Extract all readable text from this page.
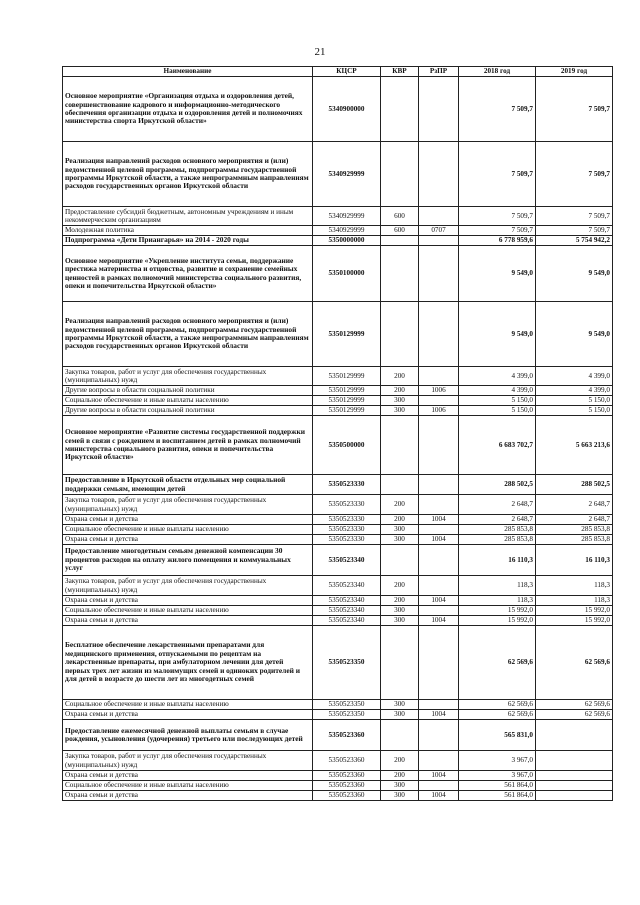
21
Наименование	КЦСР	КВР	РзПР	2018 год	2019 год
Основное мероприятие «Организация отдыха и оздоровления детей, совершенствование кадрового и информационно-методического обеспечения организации отдыха и оздоровления детей и полномочиях министерства спорта Иркутской области»	5340900000			7 509,7	7 509,7
Реализация направлений расходов основного мероприятия и (или) ведомственной целевой программы, подпрограммы государственной программы Иркутской области, а также непрограммным направлениям расходов государственных органов Иркутской области	5340929999			7 509,7	7 509,7
Предоставление субсидий бюджетным, автономным учреждениям и иным некоммерческим организациям	5340929999	600		7 509,7	7 509,7
Молодежная политика	5340929999	600	0707	7 509,7	7 509,7
Подпрограмма «Дети Приангарья» на 2014 - 2020 годы	5350000000			6 778 959,6	5 754 942,2
Основное мероприятие «Укрепление института семьи, поддержание престижа материнства и отцовства, развитие и сохранение семейных ценностей в рамках полномочий министерства социального развития, опеки и попечительства Иркутской области»	5350100000			9 549,0	9 549,0
Реализация направлений расходов основного мероприятия и (или) ведомственной целевой программы, подпрограммы государственной программы Иркутской области, а также непрограммным направлениям расходов государственных органов Иркутской области	5350129999			9 549,0	9 549,0
Закупка товаров, работ и услуг для обеспечения государственных (муниципальных) нужд	5350129999	200		4 399,0	4 399,0
Другие вопросы в области социальной политики	5350129999	200	1006	4 399,0	4 399,0
Социальное обеспечение и иные выплаты населению	5350129999	300		5 150,0	5 150,0
Другие вопросы в области социальной политики	5350129999	300	1006	5 150,0	5 150,0
Основное мероприятие «Развитие системы государственной поддержки семей в связи с рождением и воспитанием детей в рамках полномочий министерства социального развития, опеки и попечительства Иркутской области»	5350500000			6 683 702,7	5 663 213,6
Предоставление в Иркутской области отдельных мер социальной поддержки семьям, имеющим детей	5350523330			288 502,5	288 502,5
Закупка товаров, работ и услуг для обеспечения государственных (муниципальных) нужд	5350523330	200		2 648,7	2 648,7
Охрана семьи и детства	5350523330	200	1004	2 648,7	2 648,7
Социальное обеспечение и иные выплаты населению	5350523330	300		285 853,8	285 853,8
Охрана семьи и детства	5350523330	300	1004	285 853,8	285 853,8
Предоставление многодетным семьям денежной компенсации 30 процентов расходов на оплату жилого помещения и коммунальных услуг	5350523340			16 110,3	16 110,3
Закупка товаров, работ и услуг для обеспечения государственных (муниципальных) нужд	5350523340	200		118,3	118,3
Охрана семьи и детства	5350523340	200	1004	118,3	118,3
Социальное обеспечение и иные выплаты населению	5350523340	300		15 992,0	15 992,0
Охрана семьи и детства	5350523340	300	1004	15 992,0	15 992,0
Бесплатное обеспечение лекарственными препаратами для медицинского применения, отпускаемыми по рецептам на лекарственные препараты, при амбулаторном лечении для детей первых трех лет жизни из малоимущих семей и одиноких родителей и для детей в возрасте до шести лет из многодетных семей	5350523350			62 569,6	62 569,6
Социальное обеспечение и иные выплаты населению	5350523350	300		62 569,6	62 569,6
Охрана семьи и детства	5350523350	300	1004	62 569,6	62 569,6
Предоставление ежемесячной денежной выплаты семьям в случае рождения, усыновления (удочерения) третьего или последующих детей	5350523360			565 831,0	
Закупка товаров, работ и услуг для обеспечения государственных (муниципальных) нужд	5350523360	200		3 967,0	
Охрана семьи и детства	5350523360	200	1004	3 967,0	
Социальное обеспечение и иные выплаты населению	5350523360	300		561 864,0	
Охрана семьи и детства	5350523360	300	1004	561 864,0	
